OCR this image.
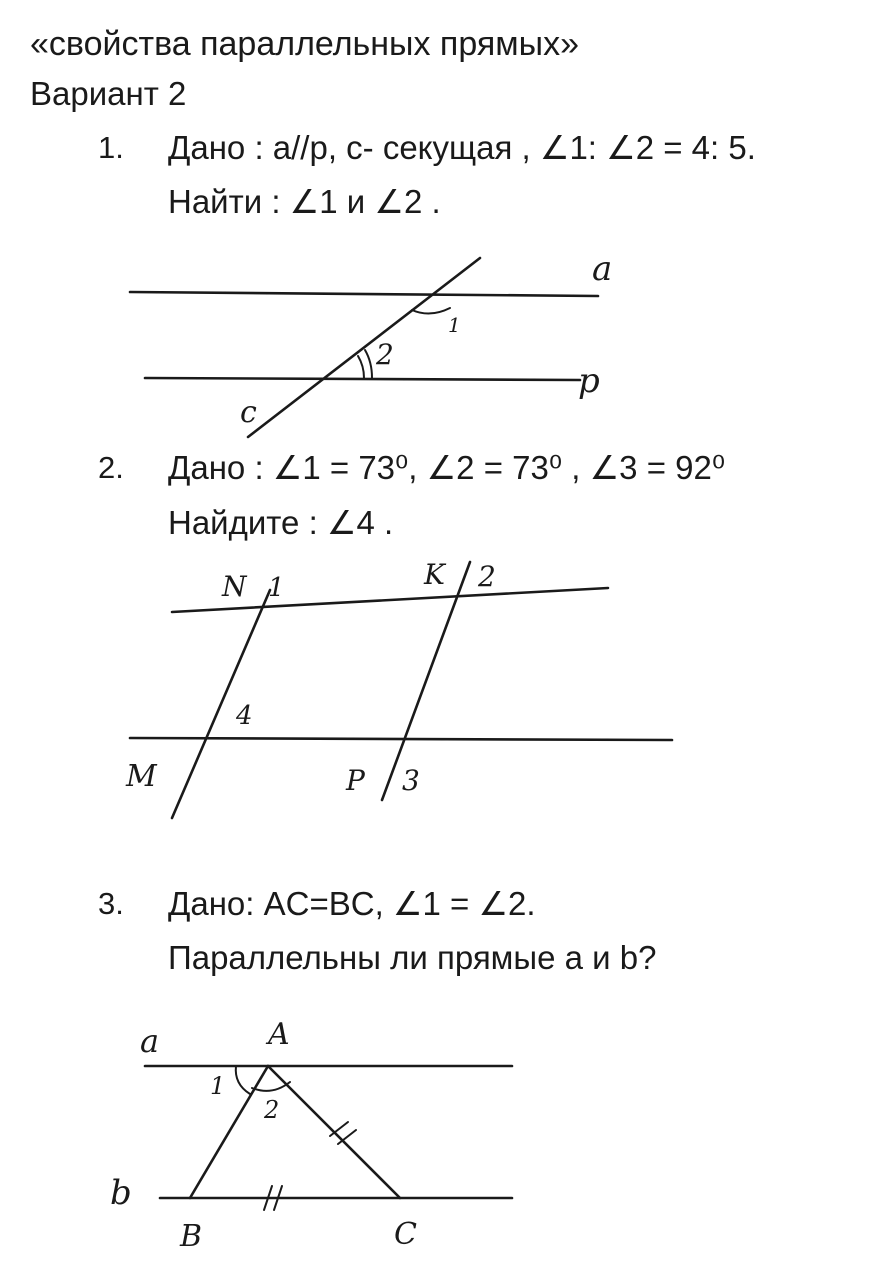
«свойства параллельных прямых»
Вариант 2
1. Дано : a//p, c- секущая , ∠1: ∠2 = 4: 5.
Найти : ∠1 и ∠2 .
a
p
c
1
2
2. Дано : ∠1 = 73⁰, ∠2 = 73⁰ , ∠3 = 92⁰
Найдите : ∠4 .
N 1	K 2
4
M	P 3
3. Дано: AC=BC, ∠1 = ∠2.
Параллельны ли прямые a и b?
a	A
1
2
b
B	C
